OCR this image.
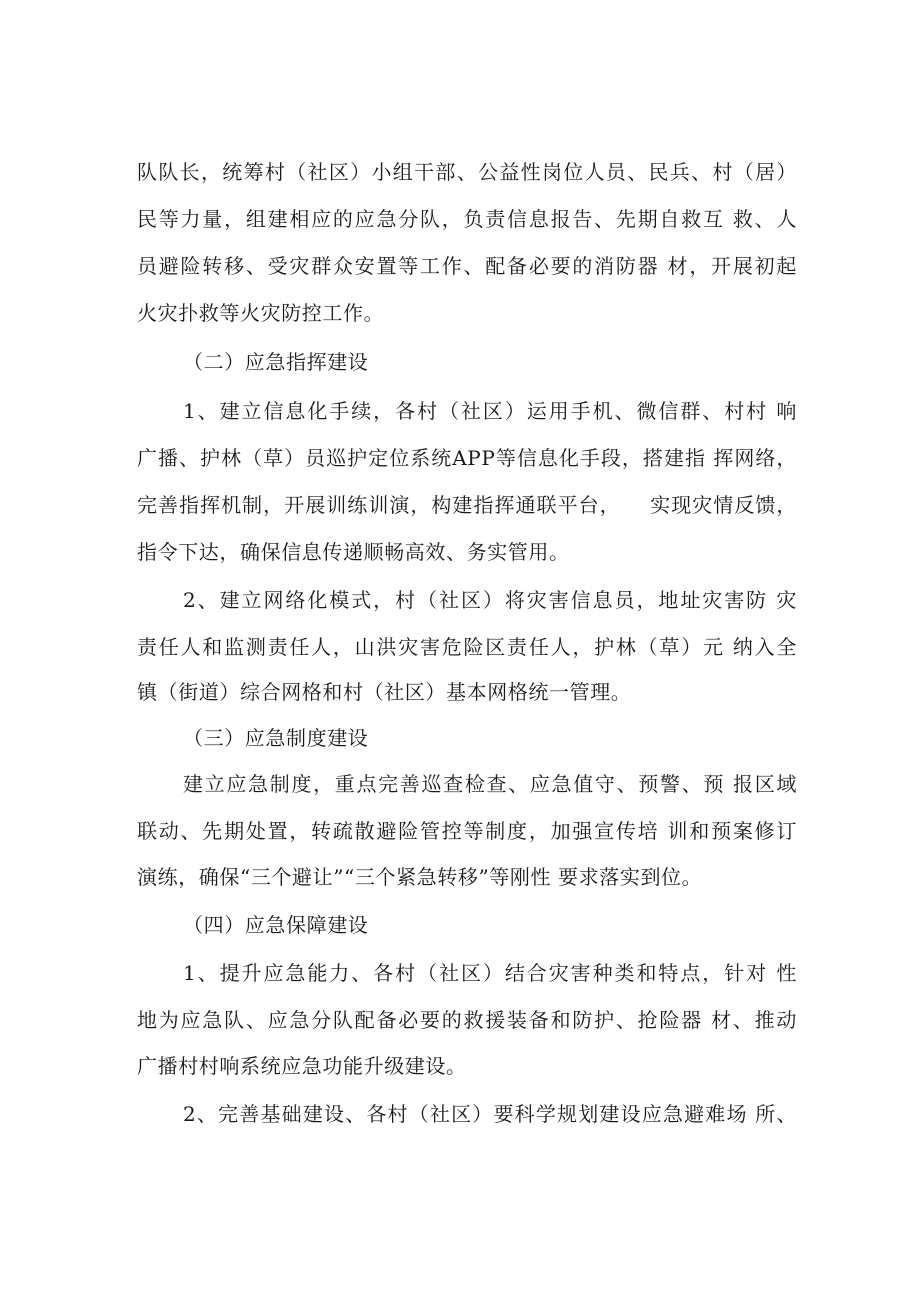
队队长，统筹村（社区）小组干部、公益性岗位人员、民兵、村（居）
民等力量，组建相应的应急分队，负责信息报告、先期自救互 救、人
员避险转移、受灾群众安置等工作、配备必要的消防器 材，开展初起
火灾扑救等火灾防控工作。
（二）应急指挥建设
1、建立信息化手续，各村（社区）运用手机、微信群、村村 响
广播、护林（草）员巡护定位系统APP等信息化手段，搭建指 挥网络，
完善指挥机制，开展训练训演，构建指挥通联平台，    实现灾情反馈，
指令下达，确保信息传递顺畅高效、务实管用。
2、建立网络化模式，村（社区）将灾害信息员，地址灾害防 灾
责任人和监测责任人，山洪灾害危险区责任人，护林（草）元 纳入全
镇（街道）综合网格和村（社区）基本网格统一管理。
（三）应急制度建设
建立应急制度，重点完善巡查检查、应急值守、预警、预 报区域
联动、先期处置，转疏散避险管控等制度，加强宣传培 训和预案修订
演练，确保“三个避让”“三个紧急转移”等刚性 要求落实到位。
（四）应急保障建设
1、提升应急能力、各村（社区）结合灾害种类和特点，针对 性
地为应急队、应急分队配备必要的救援装备和防护、抢险器 材、推动
广播村村响系统应急功能升级建设。
2、完善基础建设、各村（社区）要科学规划建设应急避难场 所、
